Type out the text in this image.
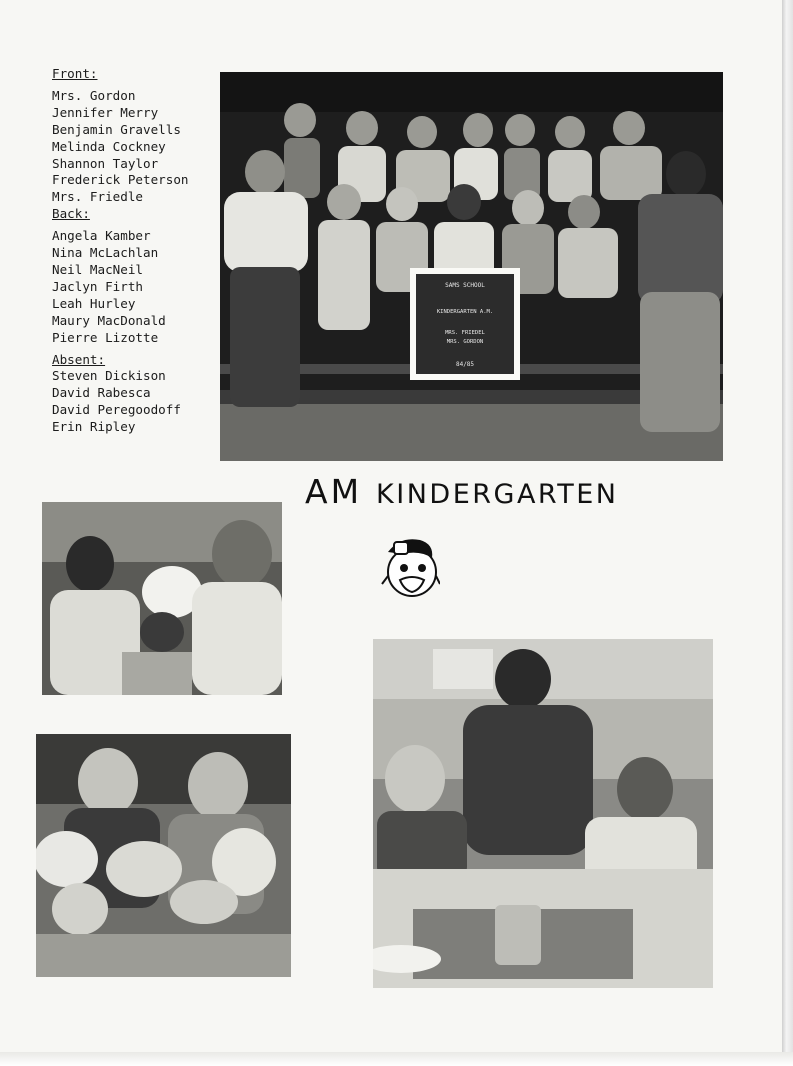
Front:
Mrs. Gordon
Jennifer Merry
Benjamin Gravells
Melinda Cockney
Shannon Taylor
Frederick Peterson
Mrs. Friedle
Back:
Angela Kamber
Nina McLachlan
Neil MacNeil
Jaclyn Firth
Leah Hurley
Maury MacDonald
Pierre Lizotte
Absent:
Steven Dickison
David Rabesca
David Peregoodoff
Erin Ripley
SAMS SCHOOL
KINDERGARTEN A.M.
MRS. FRIEDEL
MRS. GORDON
84/85
AM KINDERGARTEN
